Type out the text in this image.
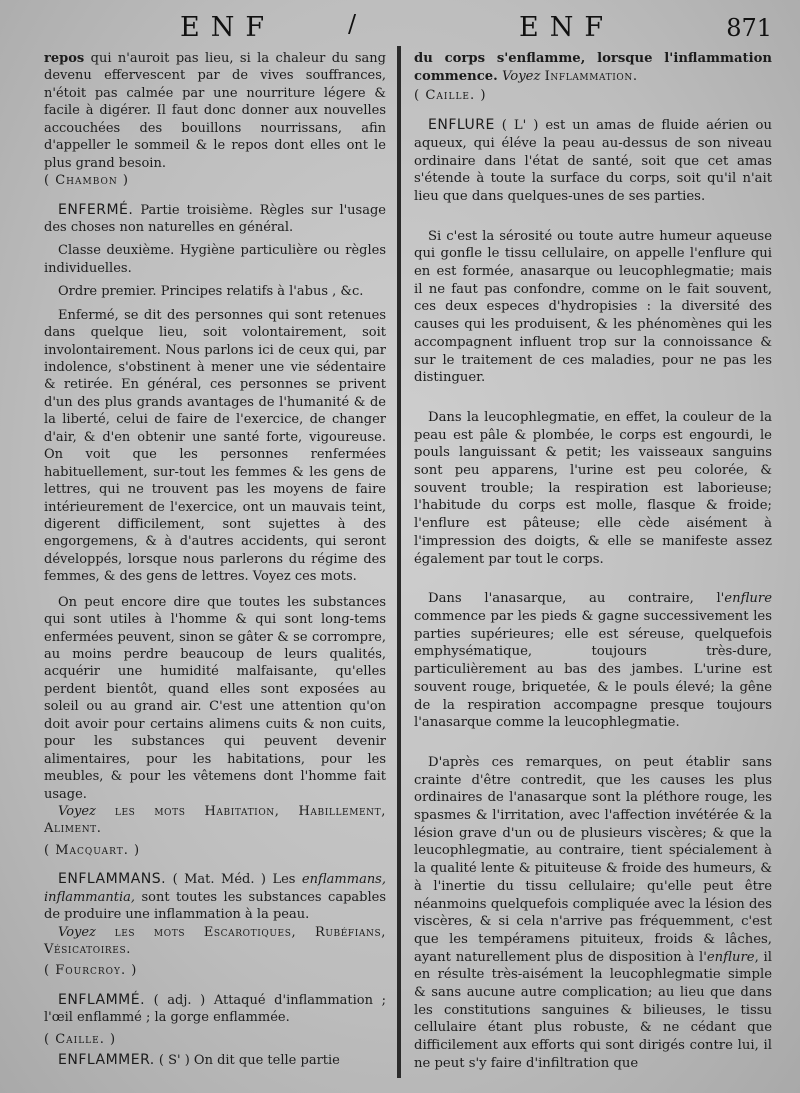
ENF	/	ENF	871

repos qui n'auroit pas lieu, si la chaleur du sang devenu effervescent par de vives souffrances, n'étoit pas calmée par une nourriture légere & facile à digérer. Il faut donc donner aux nouvelles accouchées des bouillons nourrissans, afin d'appeller le sommeil & le repos dont elles ont le plus grand besoin.

( Chambon )

ENFERMÉ. Partie troisième. Règles sur l'usage des choses non naturelles en général.

Classe deuxième. Hygiène particulière ou règles individuelles.

Ordre premier. Principes relatifs à l'abus , &c.

Enfermé, se dit des personnes qui sont retenues dans quelque lieu, soit volontairement, soit involontairement. Nous parlons ici de ceux qui, par indolence, s'obstinent à mener une vie sédentaire & retirée. En général, ces personnes se privent d'un des plus grands avantages de l'humanité & de la liberté, celui de faire de l'exercice, de changer d'air, & d'en obtenir une santé forte, vigoureuse. On voit que les personnes renfermées habituellement, sur-tout les femmes & les gens de lettres, qui ne trouvent pas les moyens de faire intérieurement de l'exercice, ont un mauvais teint, digerent difficilement, sont sujettes à des engorgemens, & à d'autres accidents, qui seront développés, lorsque nous parlerons du régime des femmes, & des gens de lettres. Voyez ces mots.

On peut encore dire que toutes les substances qui sont utiles à l'homme & qui sont long-tems enfermées peuvent, sinon se gâter & se corrompre, au moins perdre beaucoup de leurs qualités, acquérir une humidité malfaisante, qu'elles perdent bientôt, quand elles sont exposées au soleil ou au grand air. C'est une attention qu'on doit avoir pour certains alimens cuits & non cuits, pour les substances qui peuvent devenir alimentaires, pour les habitations, pour les meubles, & pour les vêtemens dont l'homme fait usage.

Voyez les mots Habitation, Habillement, Aliment.

( Macquart. )

ENFLAMMANS. ( Mat. Méd. ) Les enflammans, inflammantia, sont toutes les substances capables de produire une inflammation à la peau.

Voyez les mots Escarotiques, Rubéfians, Vésicatoires.

( Fourcroy. )

ENFLAMMÉ. ( adj. ) Attaqué d'inflammation ; l'œil enflammé ; la gorge enflammée.

( Caille. )

ENFLAMMER. ( S' ) On dit que telle partie

du corps s'enflamme, lorsque l'inflammation commence. Voyez Inflammation.

( Caille. )

ENFLURE ( L' ) est un amas de fluide aérien ou aqueux, qui éléve la peau au-dessus de son niveau ordinaire dans l'état de santé, soit que cet amas s'étende à toute la surface du corps, soit qu'il n'ait lieu que dans quelques-unes de ses parties.

Si c'est la sérosité ou toute autre humeur aqueuse qui gonfle le tissu cellulaire, on appelle l'enflure qui en est formée, anasarque ou leucophlegmatie; mais il ne faut pas confondre, comme on le fait souvent, ces deux especes d'hydropisies : la diversité des causes qui les produisent, & les phénomènes qui les accompagnent influent trop sur la connoissance & sur le traitement de ces maladies, pour ne pas les distinguer.

Dans la leucophlegmatie, en effet, la couleur de la peau est pâle & plombée, le corps est engourdi, le pouls languissant & petit; les vaisseaux sanguins sont peu apparens, l'urine est peu colorée, & souvent trouble; la respiration est laborieuse; l'habitude du corps est molle, flasque & froide; l'enflure est pâteuse; elle cède aisément à l'impression des doigts, & elle se manifeste assez également par tout le corps.

Dans l'anasarque, au contraire, l'enflure commence par les pieds & gagne successivement les parties supérieures; elle est séreuse, quelquefois emphysématique, toujours très-dure, particulièrement au bas des jambes. L'urine est souvent rouge, briquetée, & le pouls élevé; la gêne de la respiration accompagne presque toujours l'anasarque comme la leucophlegmatie.

D'après ces remarques, on peut établir sans crainte d'être contredit, que les causes les plus ordinaires de l'anasarque sont la pléthore rouge, les spasmes & l'irritation, avec l'affection invétérée & la lésion grave d'un ou de plusieurs viscères; & que la leucophlegmatie, au contraire, tient spécialement à la qualité lente & pituiteuse & froide des humeurs, & à l'inertie du tissu cellulaire; qu'elle peut être néanmoins quelquefois compliquée avec la lésion des viscères, & si cela n'arrive pas fréquemment, c'est que les tempéramens pituiteux, froids & lâches, ayant naturellement plus de disposition à l'enflure, il en résulte très-aisément la leucophlegmatie simple & sans aucune autre complication; au lieu que dans les constitutions sanguines & bilieuses, le tissu cellulaire étant plus robuste, & ne cédant que difficilement aux efforts qui sont dirigés contre lui, il ne peut s'y faire d'infiltration que
